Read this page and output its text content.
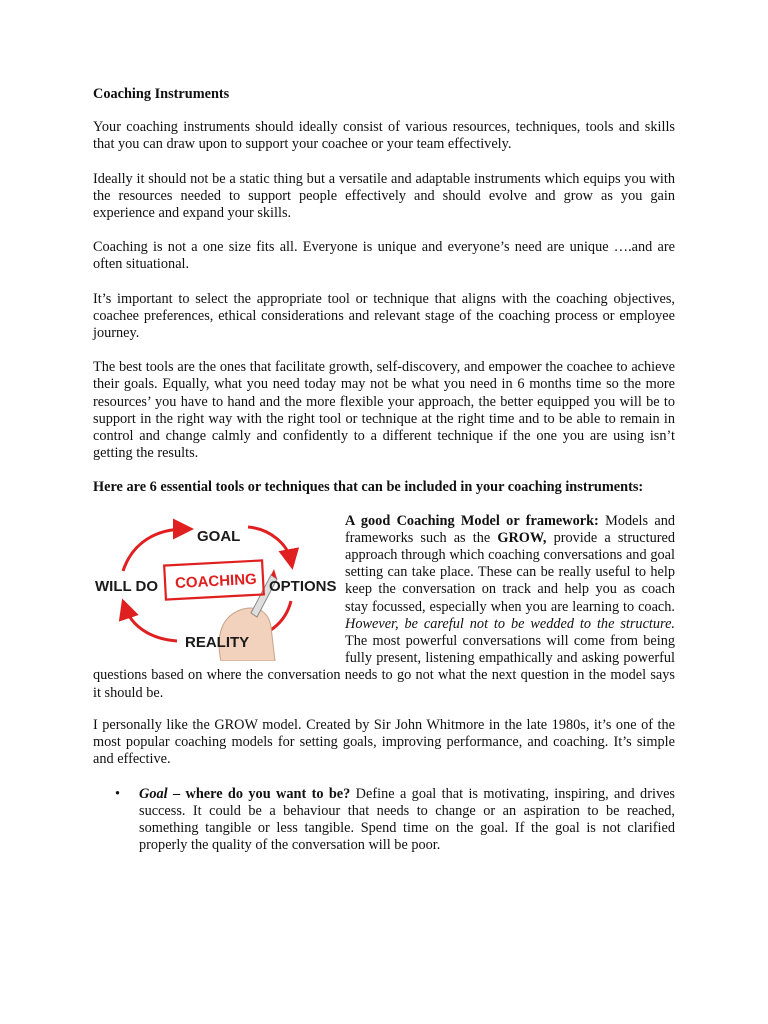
Coaching Instruments

Your coaching instruments should ideally consist of various resources, techniques, tools and skills that you can draw upon to support your coachee or your team effectively.

Ideally it should not be a static thing but a versatile and adaptable instruments which equips you with the resources needed to support people effectively and should evolve and grow as you gain experience and expand your skills.

Coaching is not a one size fits all. Everyone is unique and everyone’s need are unique ….and are often situational.

It’s important to select the appropriate tool or technique that aligns with the coaching objectives, coachee preferences, ethical considerations and relevant stage of the coaching process or employee journey.

The best tools are the ones that facilitate growth, self-discovery, and empower the coachee to achieve their goals. Equally, what you need today may not be what you need in 6 months time so the more resources’ you have to hand and the more flexible your approach, the better equipped you will be to support in the right way with the right tool or technique at the right time and to be able to remain in control and change calmly and confidently to a different technique if the one you are using isn’t getting the results.

Here are 6 essential tools or techniques that can be included in your coaching instruments:
COACHING
GOAL
WILL DO	OPTIONS
REALITY
A good Coaching Model or framework: Models and frameworks such as the GROW, provide a structured approach through which coaching conversations and goal setting can take place. These can be really useful to help keep the conversation on track and help you as coach stay focussed, especially when you are learning to coach. However, be careful not to be wedded to the structure. The most powerful conversations will come from being fully present, listening empathically and asking powerful questions based on where the conversation needs to go not what the next question in the model says it should be.

I personally like the GROW model. Created by Sir John Whitmore in the late 1980s, it’s one of the most popular coaching models for setting goals, improving performance, and coaching. It’s simple and effective.

• Goal – where do you want to be? Define a goal that is motivating, inspiring, and drives success. It could be a behaviour that needs to change or an aspiration to be reached, something tangible or less tangible. Spend time on the goal. If the goal is not clarified properly the quality of the conversation will be poor.
